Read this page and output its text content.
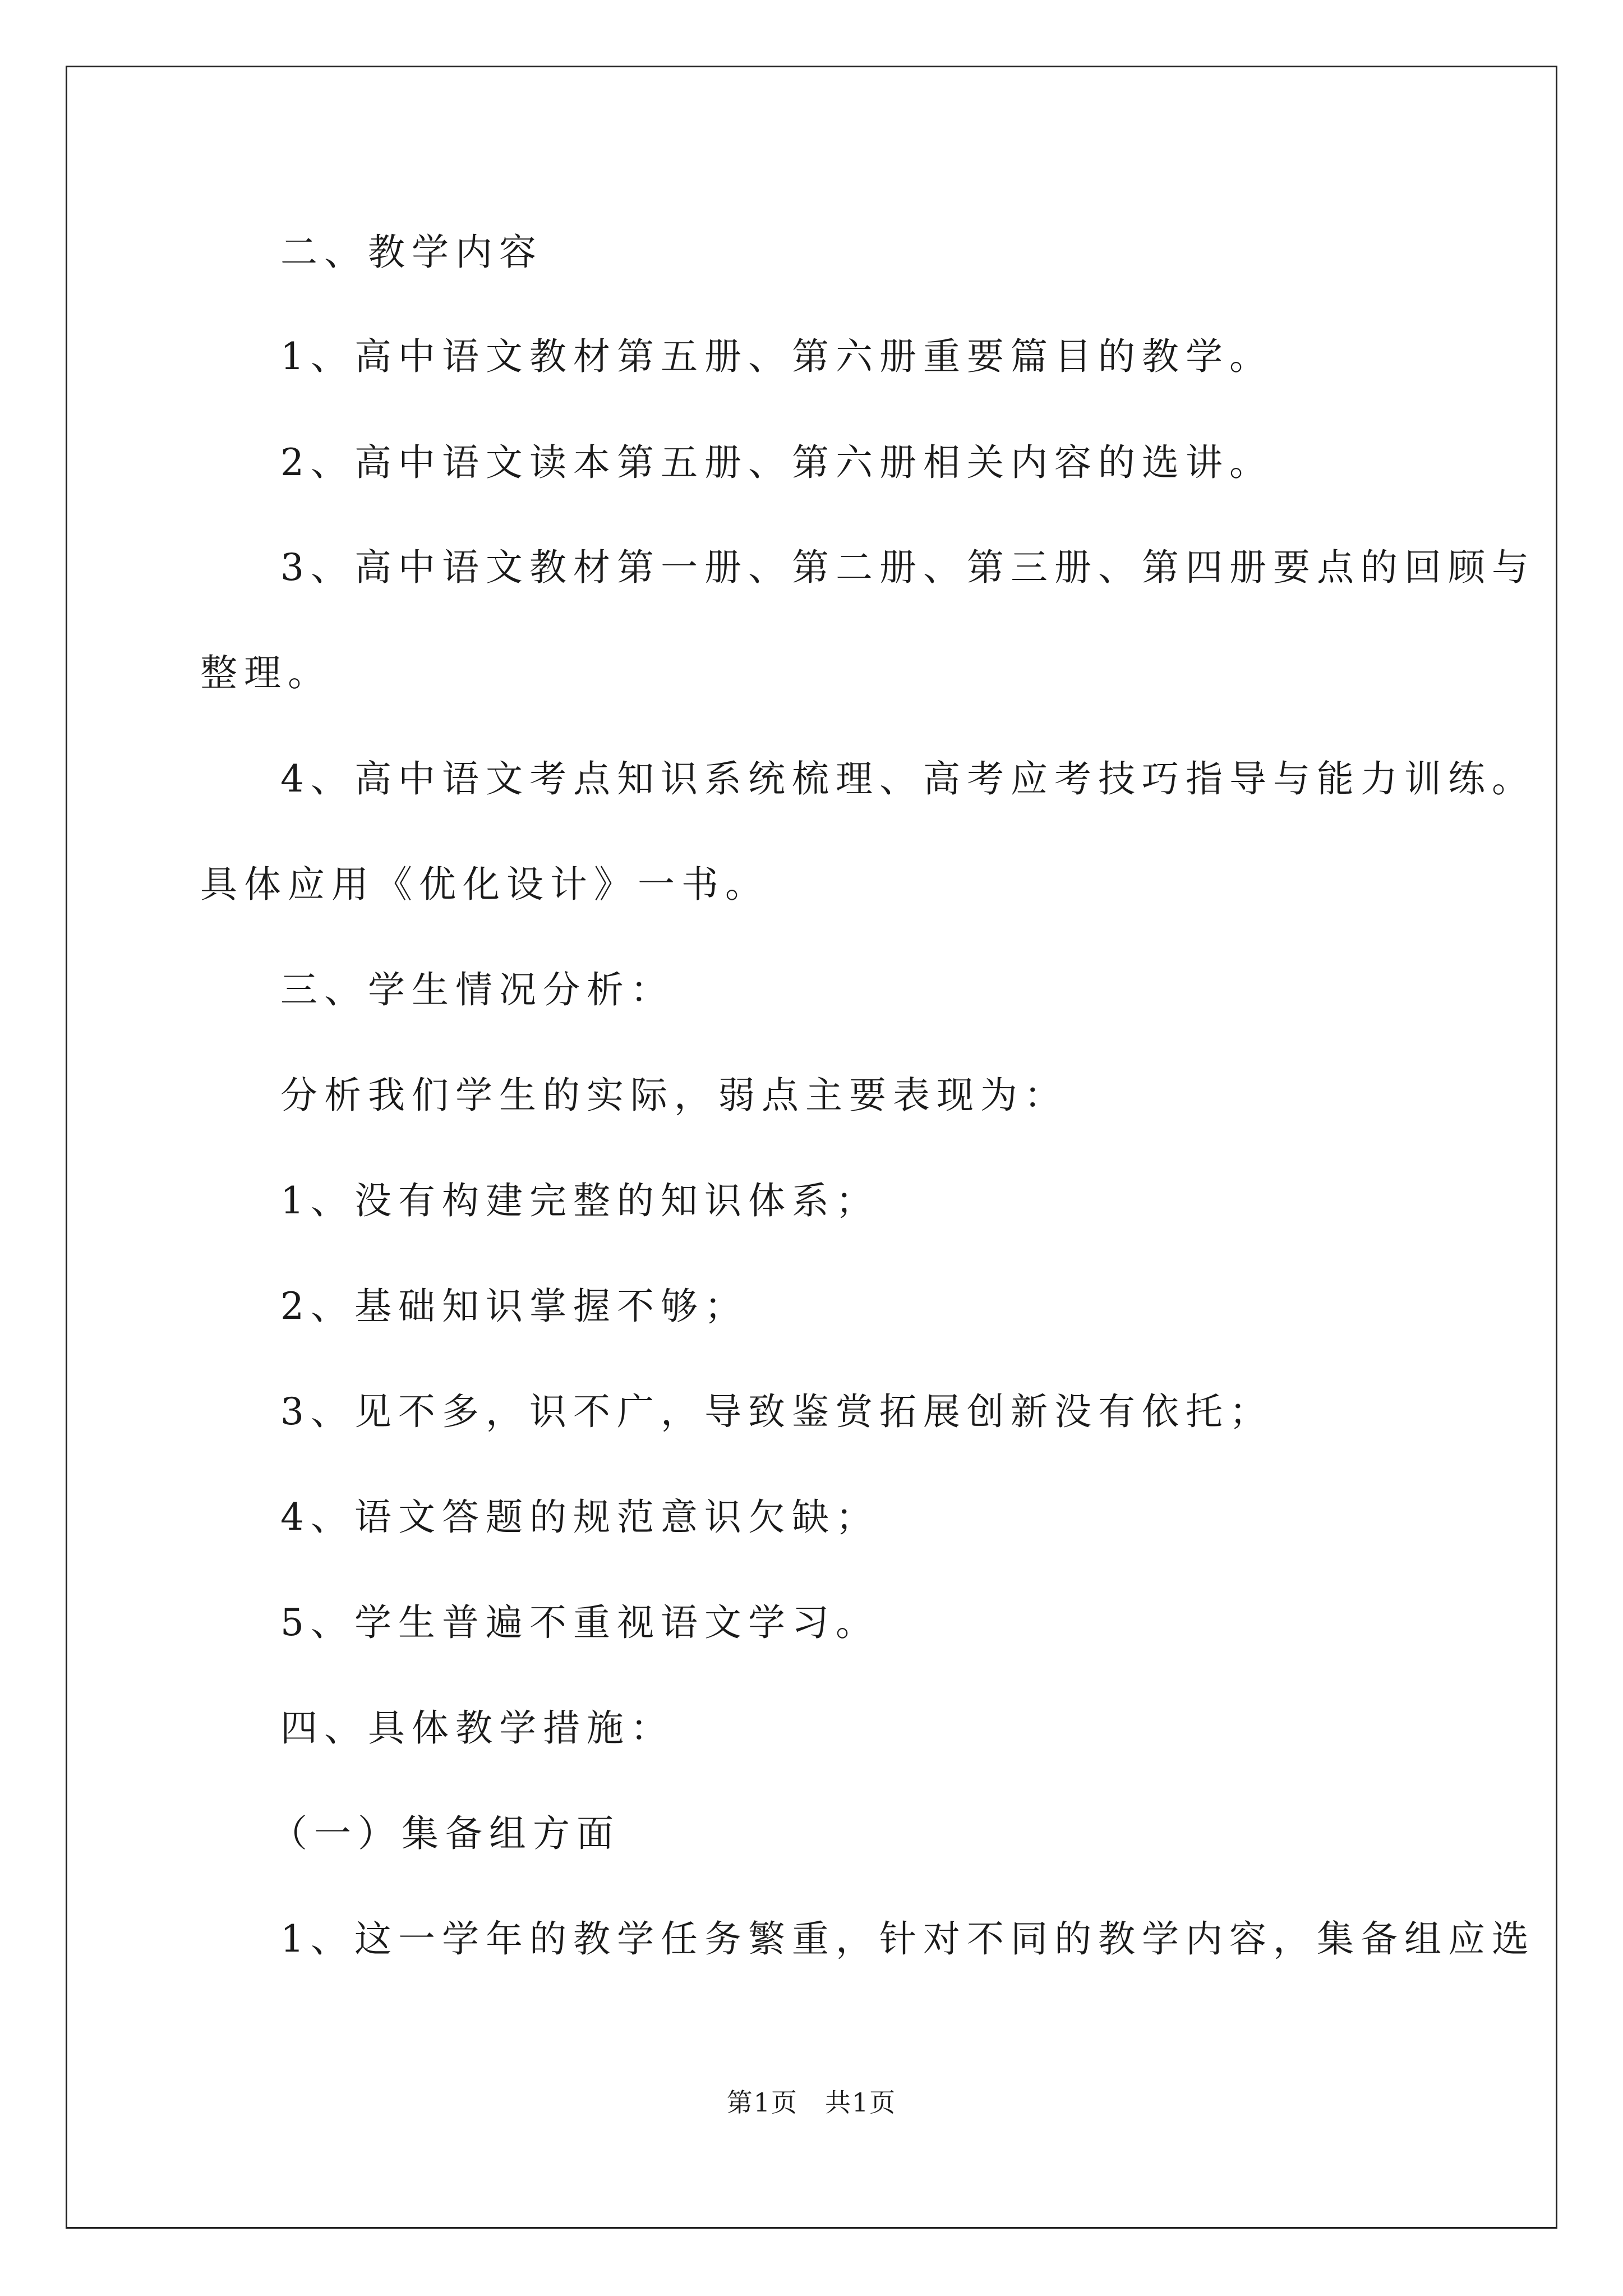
二、教学内容
1、高中语文教材第五册、第六册重要篇目的教学。
2、高中语文读本第五册、第六册相关内容的选讲。
3、高中语文教材第一册、第二册、第三册、第四册要点的回顾与
整理。
4、高中语文考点知识系统梳理、高考应考技巧指导与能力训练。
具体应用《优化设计》一书。
三、学生情况分析：
分析我们学生的实际，弱点主要表现为：
1、没有构建完整的知识体系；
2、基础知识掌握不够；
3、见不多，识不广，导致鉴赏拓展创新没有依托；
4、语文答题的规范意识欠缺；
5、学生普遍不重视语文学习。
四、具体教学措施：
（一）集备组方面
1、这一学年的教学任务繁重，针对不同的教学内容，集备组应选
第1页　共1页
